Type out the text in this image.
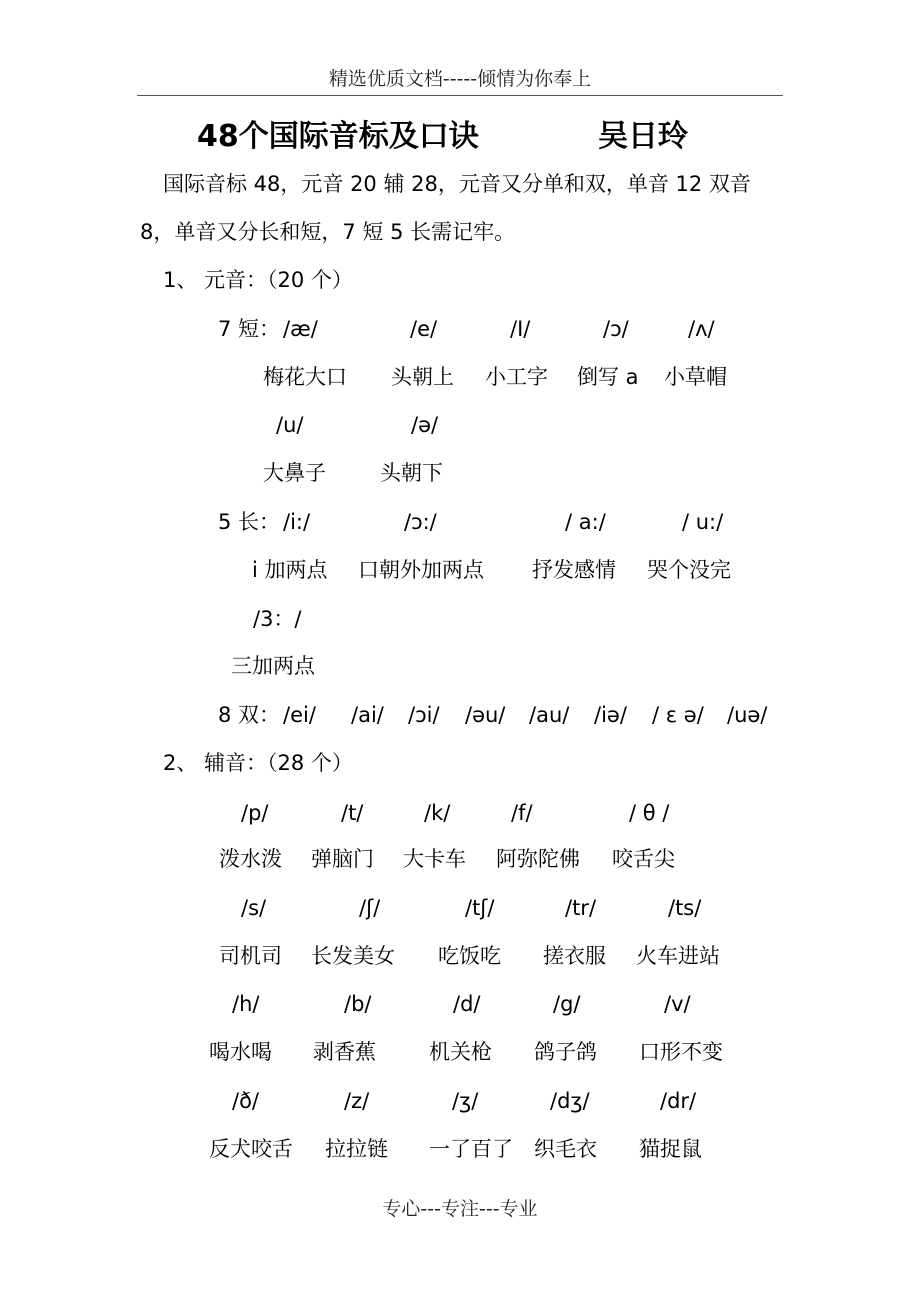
精选优质文档-----倾情为你奉上
48个国际音标及口诀	吴日玲
国际音标 48，元音 20 辅 28，元音又分单和双，单音 12 双音
8，单音又分长和短，7 短 5 长需记牢。
1、 元音：（20 个）
7 短： /æ/	/e/	/I/	/ɔ/	/ʌ/
梅花大口 头朝上 小工字 倒写 a 小草帽
/u/	/ə/
大鼻子	头朝下
5 长： /i:/	/ɔ:/	/ a:/	/ u:/
i 加两点 口朝外加两点 抒发感情 哭个没完
/3：/
三加两点
8 双： /ei/ /ai/ /ɔi/ /əu/ /au/ /iə/ / ε ə/ /uə/
2、 辅音：（28 个）
/p/	/t/	/k/	/f/	/ θ /
泼水泼 弹脑门 大卡车 阿弥陀佛 咬舌尖
/s/	/ʃ/	/tʃ/	/tr/	/ts/
司机司 长发美女 吃饭吃 搓衣服 火车进站
/h/	/b/	/d/	/g/	/v/
喝水喝 剥香蕉	机关枪 鸽子鸽 口形不变
/ð/	/z/	/ʒ/	/dʒ/	/dr/
反犬咬舌 拉拉链 一了百了 织毛衣 猫捉鼠
专心---专注---专业
